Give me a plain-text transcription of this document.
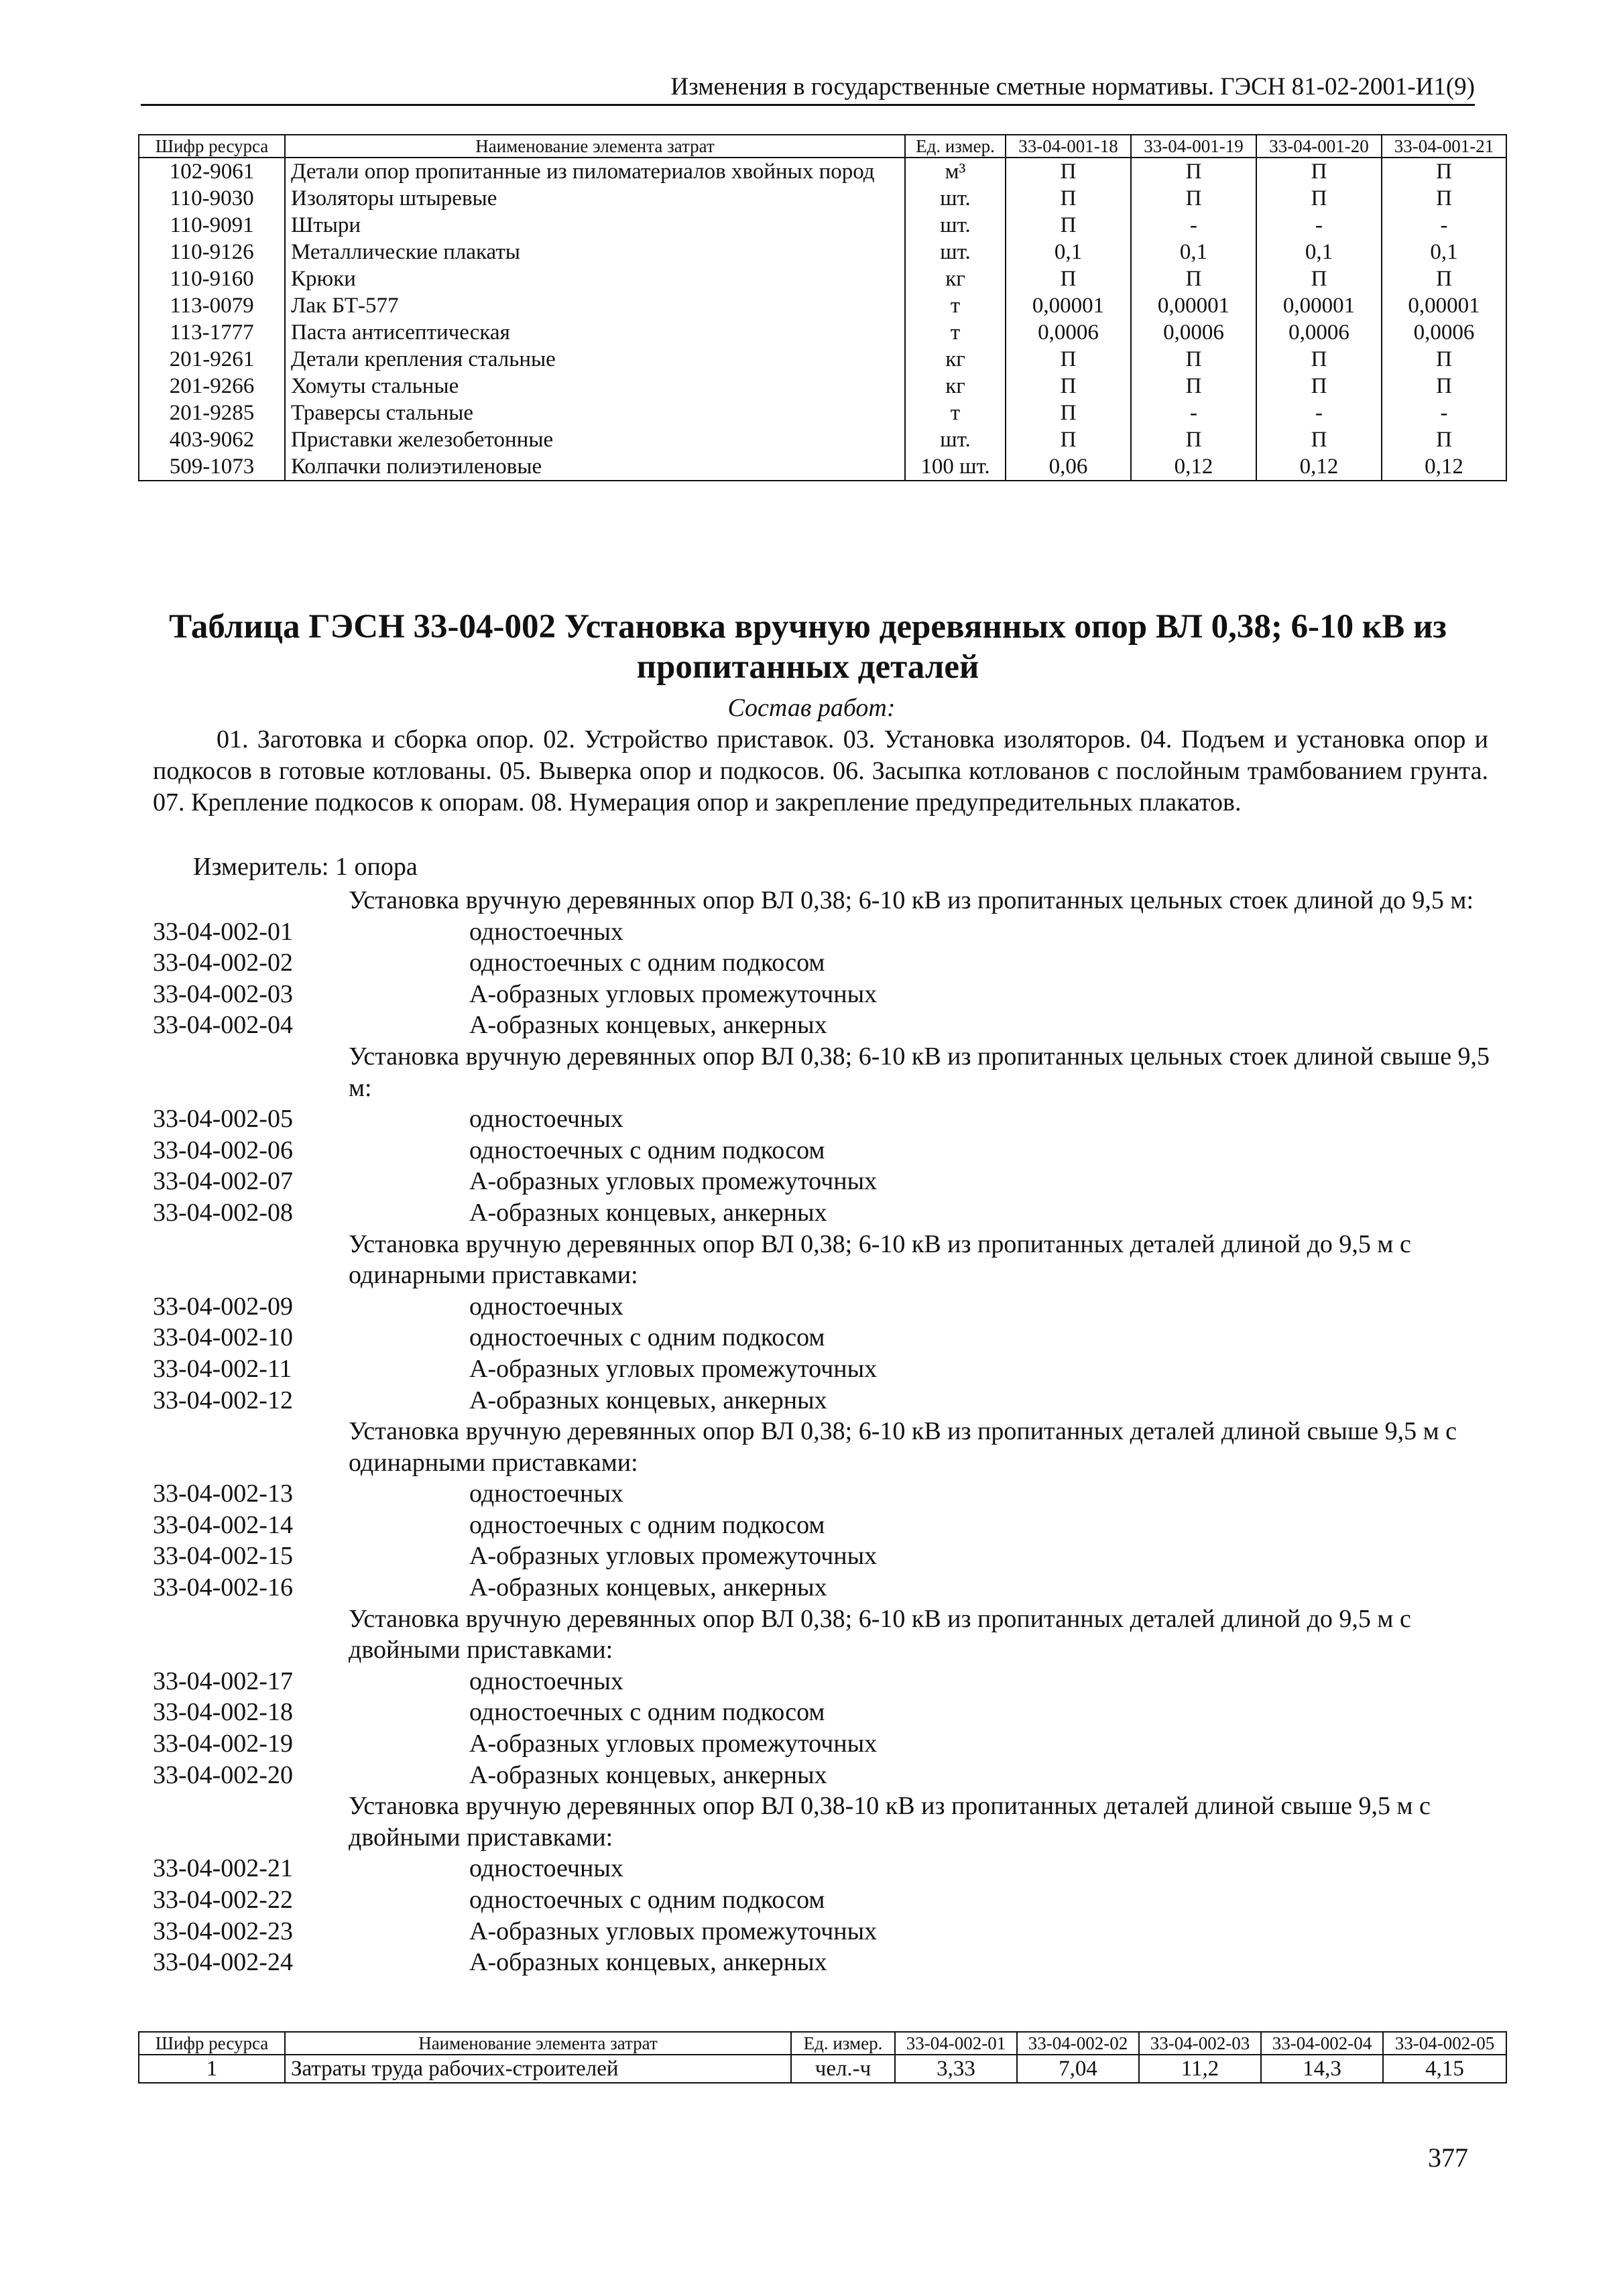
Изменения в государственные сметные нормативы. ГЭСН 81-02-2001-И1(9)
Шифр ресурса	Наименование элемента затрат	Ед. измер.	33-04-001-18	33-04-001-19	33-04-001-20	33-04-001-21
102-9061	Детали опор пропитанные из пиломатериалов хвойных пород	м³	П	П	П	П
110-9030	Изоляторы штыревые	шт.	П	П	П	П
110-9091	Штыри	шт.	П	-	-	-
110-9126	Металлические плакаты	шт.	0,1	0,1	0,1	0,1
110-9160	Крюки	кг	П	П	П	П
113-0079	Лак БТ-577	т	0,00001	0,00001	0,00001	0,00001
113-1777	Паста антисептическая	т	0,0006	0,0006	0,0006	0,0006
201-9261	Детали крепления стальные	кг	П	П	П	П
201-9266	Хомуты стальные	кг	П	П	П	П
201-9285	Траверсы стальные	т	П	-	-	-
403-9062	Приставки железобетонные	шт.	П	П	П	П
509-1073	Колпачки полиэтиленовые	100 шт.	0,06	0,12	0,12	0,12
Таблица ГЭСН 33-04-002 Установка вручную деревянных опор ВЛ 0,38; 6-10 кВ из пропитанных деталей
Состав работ:
01. Заготовка и сборка опор. 02. Устройство приставок. 03. Установка изоляторов. 04. Подъем и установка опор и подкосов в готовые котлованы. 05. Выверка опор и подкосов. 06. Засыпка котлованов с послойным трамбованием грунта. 07. Крепление подкосов к опорам. 08. Нумерация опор и закрепление предупредительных плакатов.
Измеритель: 1 опора
Установка вручную деревянных опор ВЛ 0,38; 6-10 кВ из пропитанных цельных стоек длиной до 9,5 м:
33-04-002-01	одностоечных
33-04-002-02	одностоечных с одним подкосом
33-04-002-03	А-образных угловых промежуточных
33-04-002-04	А-образных концевых, анкерных
Установка вручную деревянных опор ВЛ 0,38; 6-10 кВ из пропитанных цельных стоек длиной свыше 9,5 м:
33-04-002-05	одностоечных
33-04-002-06	одностоечных с одним подкосом
33-04-002-07	А-образных угловых промежуточных
33-04-002-08	А-образных концевых, анкерных
Установка вручную деревянных опор ВЛ 0,38; 6-10 кВ из пропитанных деталей длиной до 9,5 м с одинарными приставками:
33-04-002-09	одностоечных
33-04-002-10	одностоечных с одним подкосом
33-04-002-11	А-образных угловых промежуточных
33-04-002-12	А-образных концевых, анкерных
Установка вручную деревянных опор ВЛ 0,38; 6-10 кВ из пропитанных деталей длиной свыше 9,5 м с одинарными приставками:
33-04-002-13	одностоечных
33-04-002-14	одностоечных с одним подкосом
33-04-002-15	А-образных угловых промежуточных
33-04-002-16	А-образных концевых, анкерных
Установка вручную деревянных опор ВЛ 0,38; 6-10 кВ из пропитанных деталей длиной до 9,5 м с двойными приставками:
33-04-002-17	одностоечных
33-04-002-18	одностоечных с одним подкосом
33-04-002-19	А-образных угловых промежуточных
33-04-002-20	А-образных концевых, анкерных
Установка вручную деревянных опор ВЛ 0,38-10 кВ из пропитанных деталей длиной свыше 9,5 м с двойными приставками:
33-04-002-21	одностоечных
33-04-002-22	одностоечных с одним подкосом
33-04-002-23	А-образных угловых промежуточных
33-04-002-24	А-образных концевых, анкерных
Шифр ресурса	Наименование элемента затрат	Ед. измер.	33-04-002-01	33-04-002-02	33-04-002-03	33-04-002-04	33-04-002-05
1	Затраты труда рабочих-строителей	чел.-ч	3,33	7,04	11,2	14,3	4,15
377
